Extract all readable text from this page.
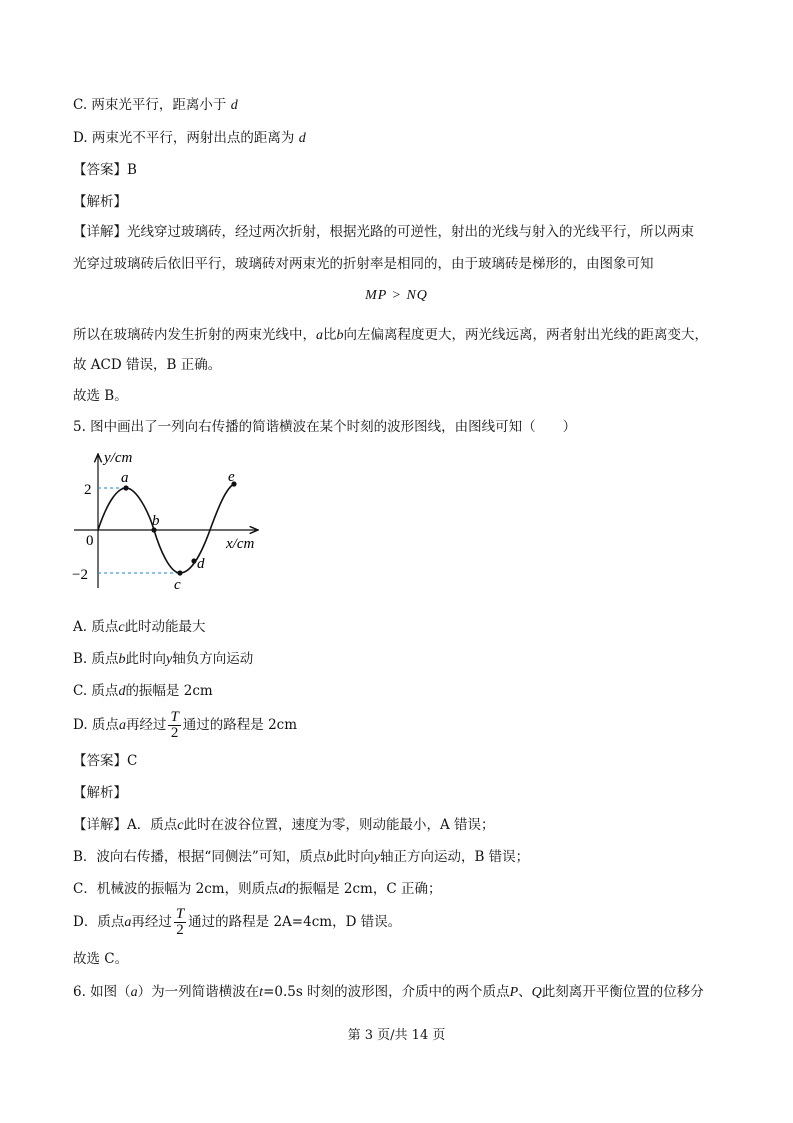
C. 两束光平行，距离小于 d
D. 两束光不平行，两射出点的距离为 d
【答案】B
【解析】
【详解】光线穿过玻璃砖，经过两次折射，根据光路的可逆性，射出的光线与射入的光线平行，所以两束
光穿过玻璃砖后依旧平行，玻璃砖对两束光的折射率是相同的，由于玻璃砖是梯形的，由图象可知
MP > NQ
所以在玻璃砖内发生折射的两束光线中，a比b向左偏离程度更大，两光线远离，两者射出光线的距离变大，
故 ACD 错误，B 正确。
故选 B。
5. 图中画出了一列向右传播的简谐横波在某个时刻的波形图线，由图线可知（　　）
y/cm
x/cm
0
2
−2
a
b
c
d
e
A. 质点c此时动能最大
B. 质点b此时向y轴负方向运动
C. 质点d的振幅是 2cm
D. 质点a再经过 $\frac{T}{2}$ 通过的路程是 2cm
【答案】C
【解析】
【详解】A．质点c此时在波谷位置，速度为零，则动能最小，A 错误；
B．波向右传播，根据“同侧法”可知，质点b此时向y轴正方向运动，B 错误；
C．机械波的振幅为 2cm，则质点d的振幅是 2cm，C 正确；
D．质点a再经过 $\frac{T}{2}$ 通过的路程是 2A=4cm，D 错误。
故选 C。
6. 如图（a）为一列简谐横波在t=0.5s 时刻的波形图，介质中的两个质点P、Q此刻离开平衡位置的位移分
第 3 页/共 14 页
